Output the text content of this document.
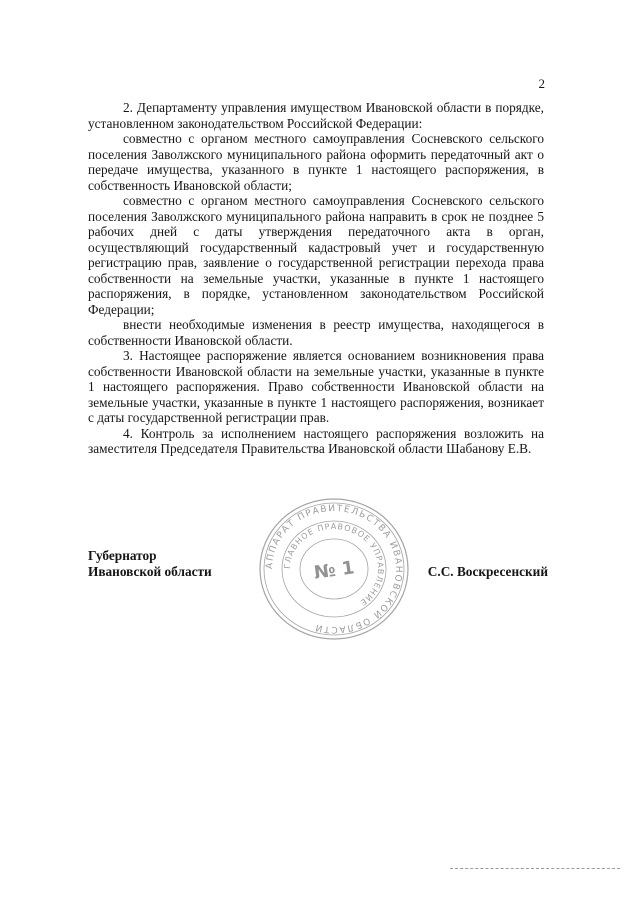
2

2. Департаменту управления имуществом Ивановской области в порядке, установленном законодательством Российской Федерации:

совместно с органом местного самоуправления Сосневского сельского поселения Заволжского муниципального района оформить передаточный акт о передаче имущества, указанного в пункте 1 настоящего распоряжения, в собственность Ивановской области;

совместно с органом местного самоуправления Сосневского сельского поселения Заволжского муниципального района направить в срок не позднее 5 рабочих дней с даты утверждения передаточного акта в орган, осуществляющий государственный кадастровый учет и государственную регистрацию прав, заявление о государственной регистрации перехода права собственности на земельные участки, указанные в пункте 1 настоящего распоряжения, в порядке, установленном законодательством Российской Федерации;

внести необходимые изменения в реестр имущества, находящегося в собственности Ивановской области.

3. Настоящее распоряжение является основанием возникновения права собственности Ивановской области на земельные участки, указанные в пункте 1 настоящего распоряжения. Право собственности Ивановской области на земельные участки, указанные в пункте 1 настоящего распоряжения, возникает с даты государственной регистрации прав.

4. Контроль за исполнением настоящего распоряжения возложить на заместителя Председателя Правительства Ивановской области Шабанову Е.В.

Губернатор
Ивановской области	С.С. Воскресенский
АППАРАТ ПРАВИТЕЛЬСТВА ИВАНОВСКОЙ ОБЛАСТИ
ГЛАВНОЕ ПРАВОВОЕ УПРАВЛЕНИЕ
№ 1
